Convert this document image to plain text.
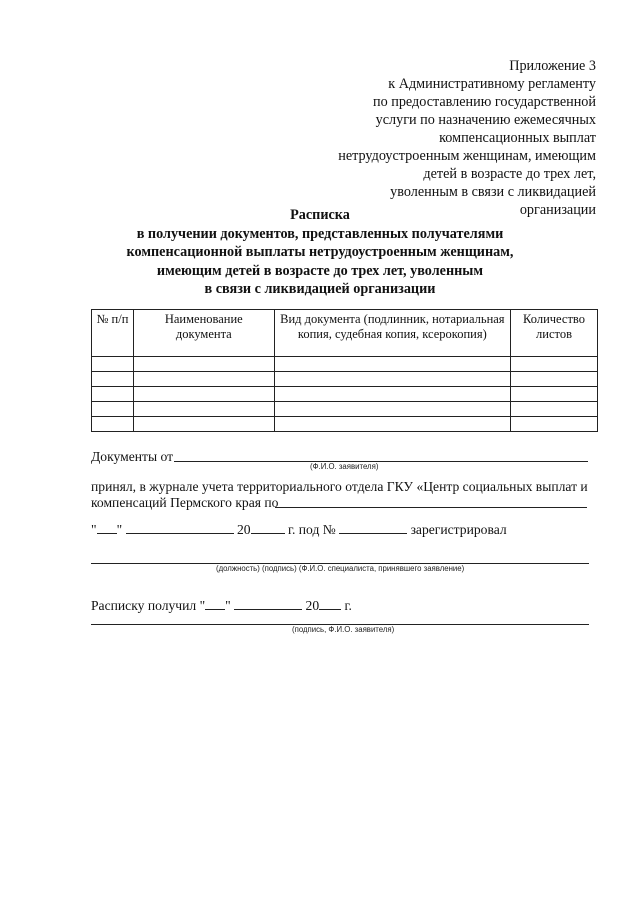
Приложение 3
к Административному регламенту
по предоставлению государственной
услуги по назначению ежемесячных
компенсационных выплат
нетрудоустроенным женщинам, имеющим
детей в возрасте до трех лет,
уволенным в связи с ликвидацией
организации
Расписка
в получении документов, представленных получателями
компенсационной выплаты нетрудоустроенным женщинам,
имеющим детей в возрасте до трех лет, уволенным
в связи с ликвидацией организации
№ п/п	Наименование документа	Вид документа (подлинник, нотариальная копия, судебная копия, ксерокопия)	Количество листов

Документы от
(Ф.И.О. заявителя)
принял, в журнале учета территориального отдела ГКУ «Центр социальных выплат и
компенсаций Пермского края по
" "	20	г. под №	зарегистрировал
(должность) (подпись) (Ф.И.О. специалиста, принявшего заявление)
Расписку получил " "	20 г.
(подпись, Ф.И.О. заявителя)
